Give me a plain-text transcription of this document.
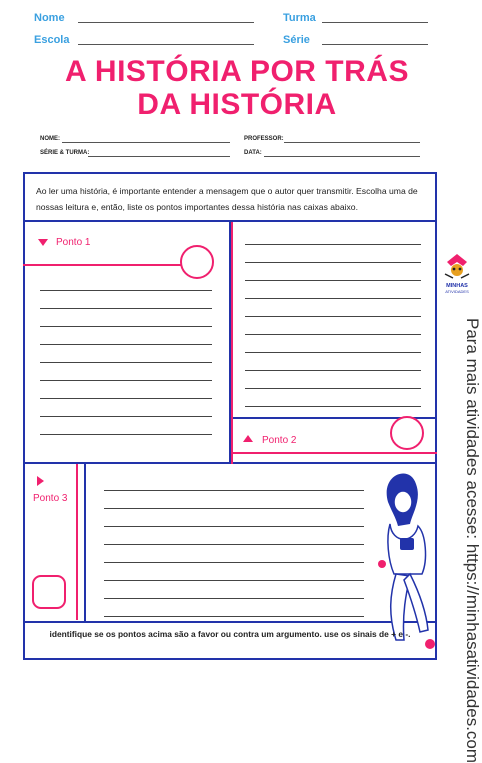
Nome	Turma
Escola	Série
A HISTÓRIA POR TRÁS
DA HISTÓRIA
NOME:	PROFESSOR:
SÉRIE & TURMA:	DATA:
Ao ler uma história, é importante entender a mensagem que o autor quer transmitir. Escolha uma de nossas leitura e, então, liste os pontos importantes dessa história nas caixas abaixo.
Ponto 1
Ponto 2
Ponto 3
identifique se os pontos acima são a favor ou contra um argumento. use os sinais de + e -.
MINHAS
ATIVIDADES
Para mais atividades acesse: https://minhasatividades.com
